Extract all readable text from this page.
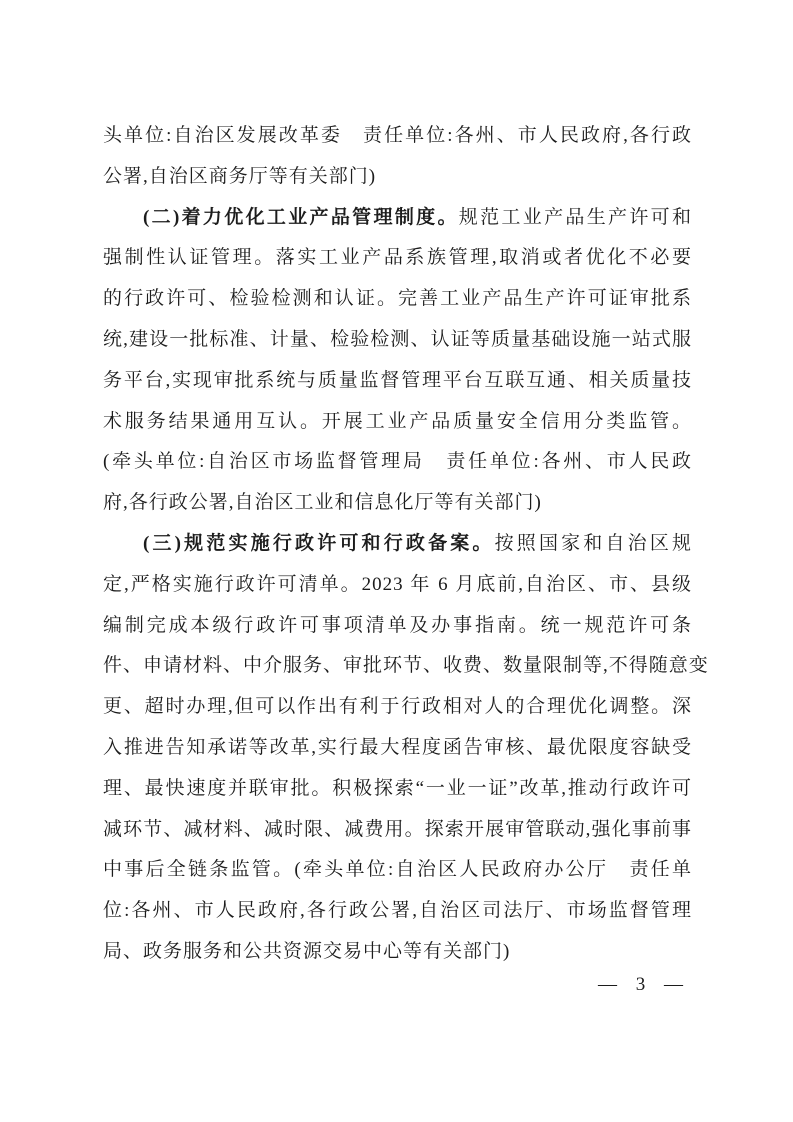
头单位:自治区发展改革委　责任单位:各州、市人民政府,各行政
公署,自治区商务厅等有关部门)
(二)着力优化工业产品管理制度。规范工业产品生产许可和
强制性认证管理。落实工业产品系族管理,取消或者优化不必要
的行政许可、检验检测和认证。完善工业产品生产许可证审批系
统,建设一批标准、计量、检验检测、认证等质量基础设施一站式服
务平台,实现审批系统与质量监督管理平台互联互通、相关质量技
术服务结果通用互认。开展工业产品质量安全信用分类监管。
(牵头单位:自治区市场监督管理局　责任单位:各州、市人民政
府,各行政公署,自治区工业和信息化厅等有关部门)
(三)规范实施行政许可和行政备案。按照国家和自治区规
定,严格实施行政许可清单。2023 年 6 月底前,自治区、市、县级
编制完成本级行政许可事项清单及办事指南。统一规范许可条
件、申请材料、中介服务、审批环节、收费、数量限制等,不得随意变
更、超时办理,但可以作出有利于行政相对人的合理优化调整。深
入推进告知承诺等改革,实行最大程度函告审核、最优限度容缺受
理、最快速度并联审批。积极探索“一业一证”改革,推动行政许可
减环节、减材料、减时限、减费用。探索开展审管联动,强化事前事
中事后全链条监管。(牵头单位:自治区人民政府办公厅　责任单
位:各州、市人民政府,各行政公署,自治区司法厅、市场监督管理
局、政务服务和公共资源交易中心等有关部门)
— 3 —
